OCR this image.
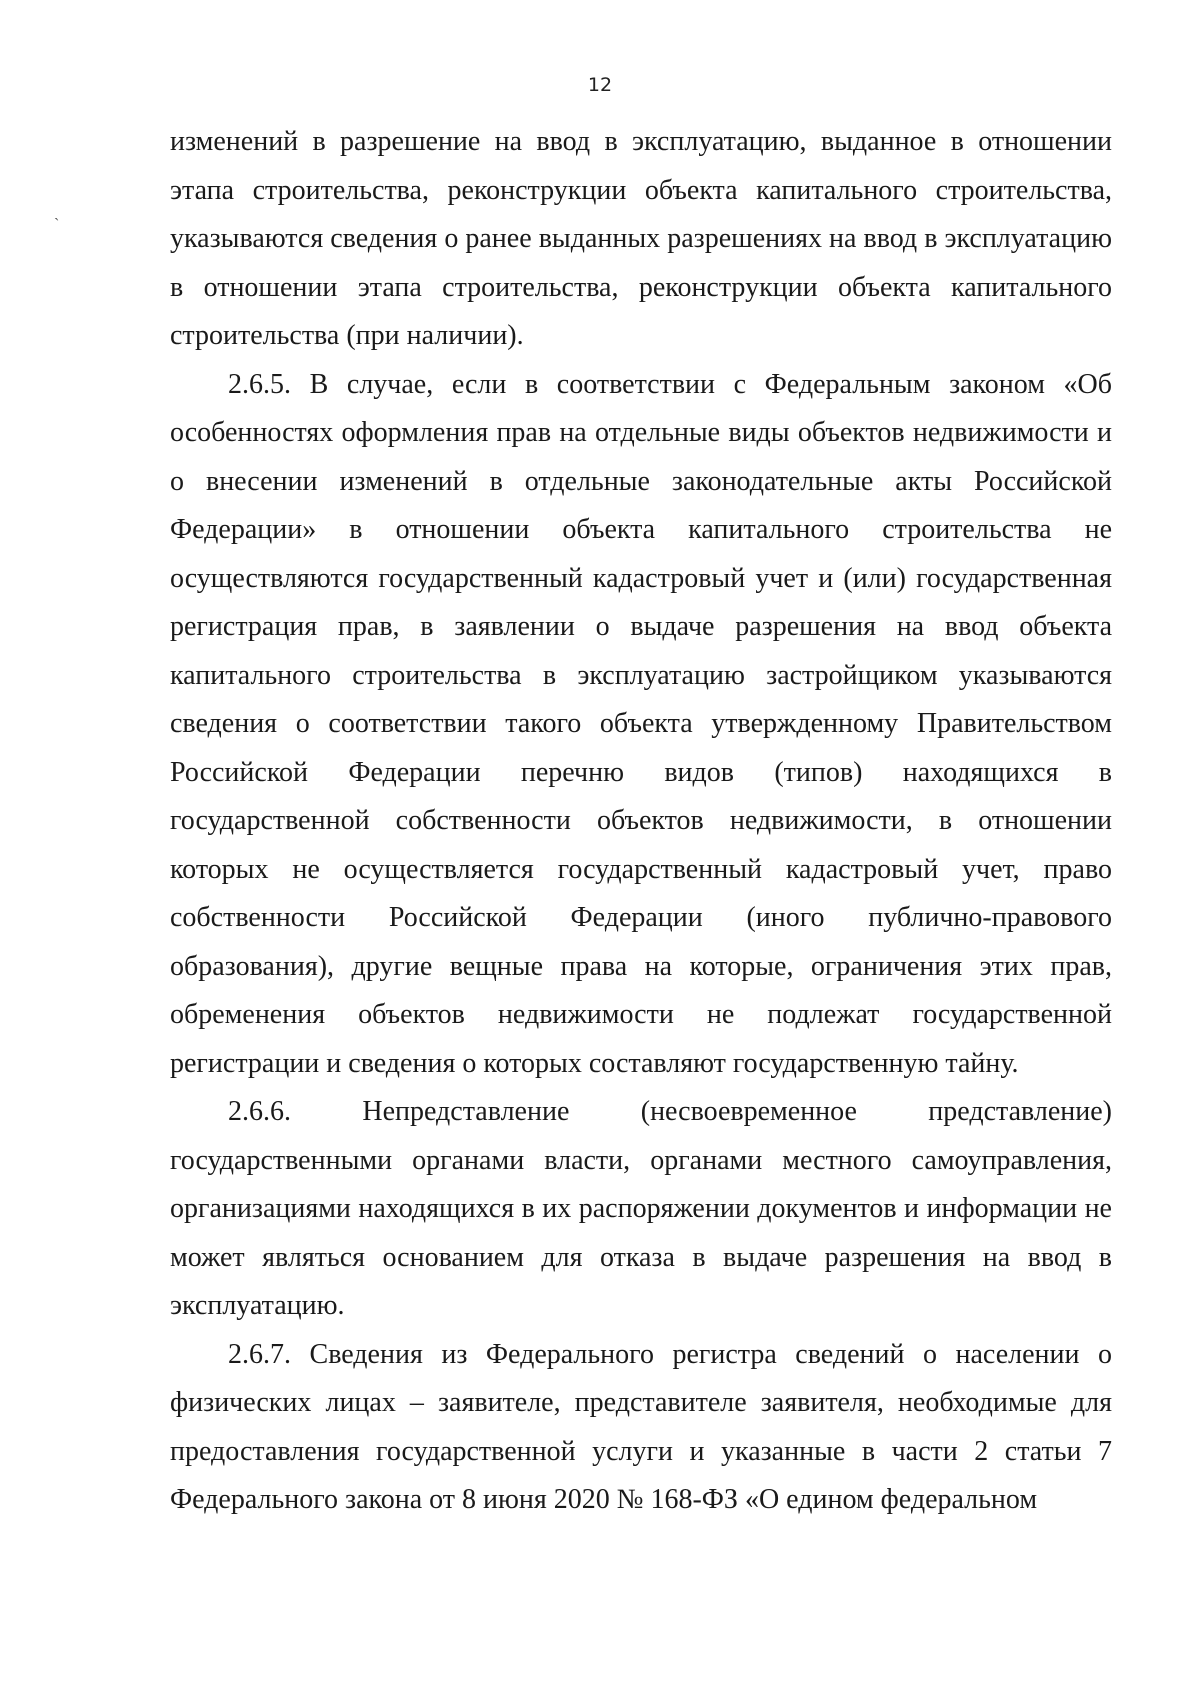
12
`

изменений в разрешение на ввод в эксплуатацию, выданное в отношении этапа строительства, реконструкции объекта капитального строительства, указываются сведения о ранее выданных разрешениях на ввод в эксплуатацию в отношении этапа строительства, реконструкции объекта капитального строительства (при наличии).

2.6.5. В случае, если в соответствии с Федеральным законом «Об особенностях оформления прав на отдельные виды объектов недвижимости и о внесении изменений в отдельные законодательные акты Российской Федерации» в отношении объекта капитального строительства не осуществляются государственный кадастровый учет и (или) государственная регистрация прав, в заявлении о выдаче разрешения на ввод объекта капитального строительства в эксплуатацию застройщиком указываются сведения о соответствии такого объекта утвержденному Правительством Российской Федерации перечню видов (типов) находящихся в государственной собственности объектов недвижимости, в отношении которых не осуществляется государственный кадастровый учет, право собственности Российской Федерации (иного публично-правового образования), другие вещные права на которые, ограничения этих прав, обременения объектов недвижимости не подлежат государственной регистрации и сведения о которых составляют государственную тайну.

2.6.6. Непредставление (несвоевременное представление) государственными органами власти, органами местного самоуправления, организациями находящихся в их распоряжении документов и информации не может являться основанием для отказа в выдаче разрешения на ввод в эксплуатацию.

2.6.7. Сведения из Федерального регистра сведений о населении о физических лицах – заявителе, представителе заявителя, необходимые для предоставления государственной услуги и указанные в части 2 статьи 7 Федерального закона от 8 июня 2020 № 168-ФЗ «О едином федеральном
